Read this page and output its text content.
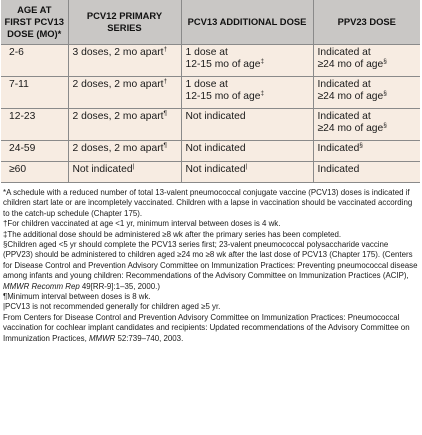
AGE AT FIRST PCV13 DOSE (MO)*	PCV12 PRIMARY SERIES	PCV13 ADDITIONAL DOSE	PPV23 DOSE
2-6	3 doses, 2 mo apart†	1 dose at
12-15 mo of age‡	Indicated at
≥24 mo of age§
7-11	2 doses, 2 mo apart†	1 dose at
12-15 mo of age‡	Indicated at
≥24 mo of age§
12-23	2 doses, 2 mo apart¶	Not indicated	Indicated at
≥24 mo of age§
24-59	2 doses, 2 mo apart¶	Not indicated	Indicated§
≥60	Not indicated|	Not indicated|	Indicated

*A schedule with a reduced number of total 13-valent pneumococcal conjugate vaccine (PCV13) doses is indicated if children start late or are incompletely vaccinated. Children with a lapse in vaccination should be vaccinated according to the catch-up schedule (Chapter 175).

†For children vaccinated at age <1 yr, minimum interval between doses is 4 wk.

‡The additional dose should be administered ≥8 wk after the primary series has been completed.

§Children aged <5 yr should complete the PCV13 series first; 23-valent pneumococcal polysaccharide vaccine (PPV23) should be administered to children aged ≥24 mo ≥8 wk after the last dose of PCV13 (Chapter 175). (Centers for Disease Control and Prevention Advisory Committee on Immunization Practices: Preventing pneumococcal disease among infants and young children: Recommendations of the Advisory Committee on Immunization Practices (ACIP), MMWR Recomm Rep 49[RR-9]:1–35, 2000.)

¶Minimum interval between doses is 8 wk.

|PCV13 is not recommended generally for children aged ≥5 yr.

From Centers for Disease Control and Prevention Advisory Committee on Immunization Practices: Pneumococcal vaccination for cochlear implant candidates and recipients: Updated recommendations of the Advisory Committee on Immunization Practices, MMWR 52:739–740, 2003.
